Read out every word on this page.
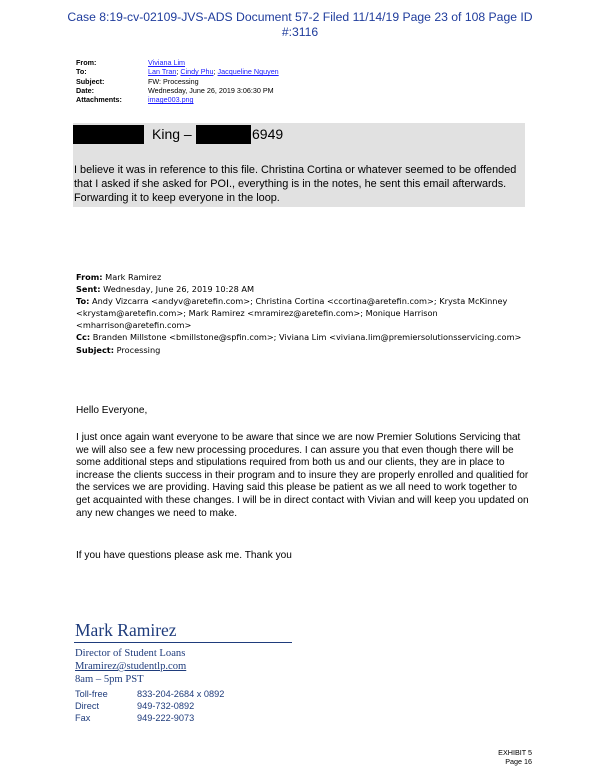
Case 8:19-cv-02109-JVS-ADS Document 57-2 Filed 11/14/19 Page 23 of 108 Page ID
#:3116
From:	Viviana Lim
To:	Lan Tran; Cindy Phu; Jacqueline Nguyen
Subject:	FW: Processing
Date:	Wednesday, June 26, 2019 3:06:30 PM
Attachments:	image003.png
King –	6949
I believe it was in reference to this file. Christina Cortina or whatever seemed to be offended that I asked if she asked for POI., everything is in the notes, he sent this email afterwards. Forwarding it to keep everyone in the loop.
From: Mark Ramirez
Sent: Wednesday, June 26, 2019 10:28 AM
To: Andy Vizcarra <andyv@aretefin.com>; Christina Cortina <ccortina@aretefin.com>; Krysta McKinney <krystam@aretefin.com>; Mark Ramirez <mramirez@aretefin.com>; Monique Harrison <mharrison@aretefin.com>
Cc: Branden Millstone <bmillstone@spfin.com>; Viviana Lim <viviana.lim@premiersolutionsservicing.com>
Subject: Processing
Hello Everyone,
I just once again want everyone to be aware that since we are now Premier Solutions Servicing that we will also see a few new processing procedures. I can assure you that even though there will be some additional steps and stipulations required from both us and our clients, they are in place to increase the clients success in their program and to insure they are properly enrolled and qualitied for the services we are providing. Having said this please be patient as we all need to work together to get acquainted with these changes. I will be in direct contact with Vivian and will keep you updated on any new changes we need to make.
If you have questions please ask me. Thank you
Mark Ramirez
Director of Student Loans
Mramirez@studentlp.com
8am – 5pm PST
Toll-free	833-204-2684 x 0892
Direct	949-732-0892
Fax	949-222-9073
EXHIBIT 5
Page 16
